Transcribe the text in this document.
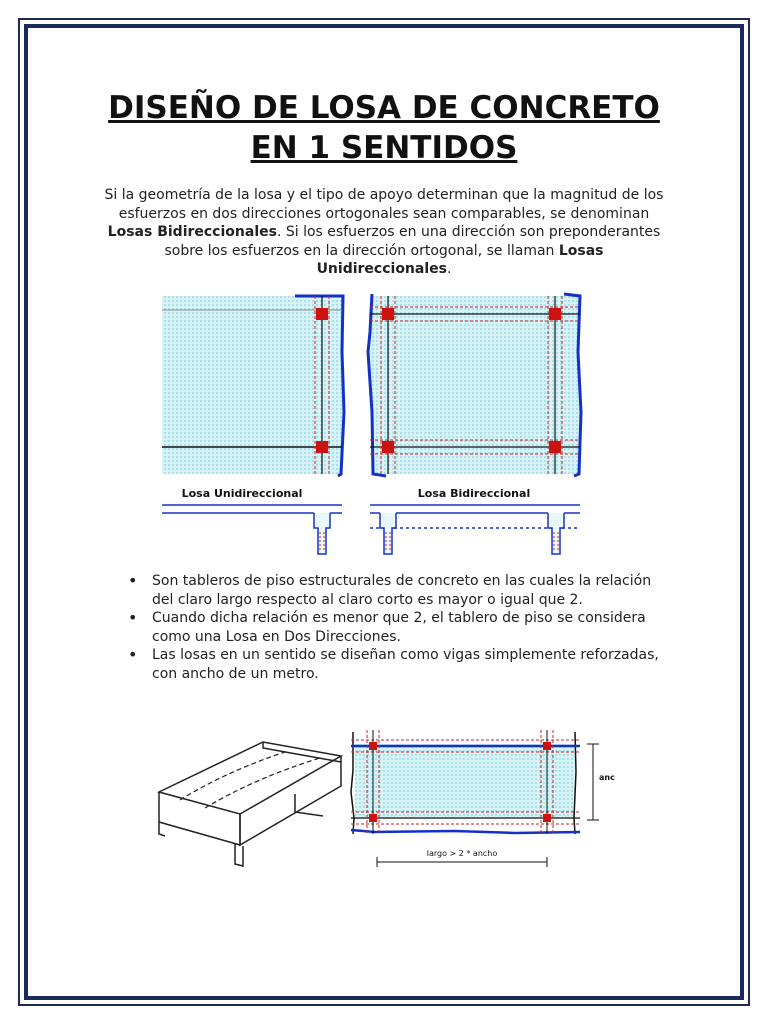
DISEÑO DE LOSA DE CONCRETO
EN 1 SENTIDOS

Si la geometría de la losa y el tipo de apoyo determinan que la magnitud de los esfuerzos en dos direcciones ortogonales sean comparables, se denominan Losas Bidireccionales. Si los esfuerzos en una dirección son preponderantes sobre los esfuerzos en la dirección ortogonal, se llaman Losas Unidireccionales.

Losa Unidireccional	Losa Bidireccional
• Son tableros de piso estructurales de concreto en las cuales la relación del claro largo respecto al claro corto es mayor o igual que 2.
• Cuando dicha relación es menor que 2, el tablero de piso se considera como una Losa en Dos Direcciones.
• Las losas en un sentido se diseñan como vigas simplemente reforzadas, con ancho de un metro.
anc
largo > 2 * ancho
